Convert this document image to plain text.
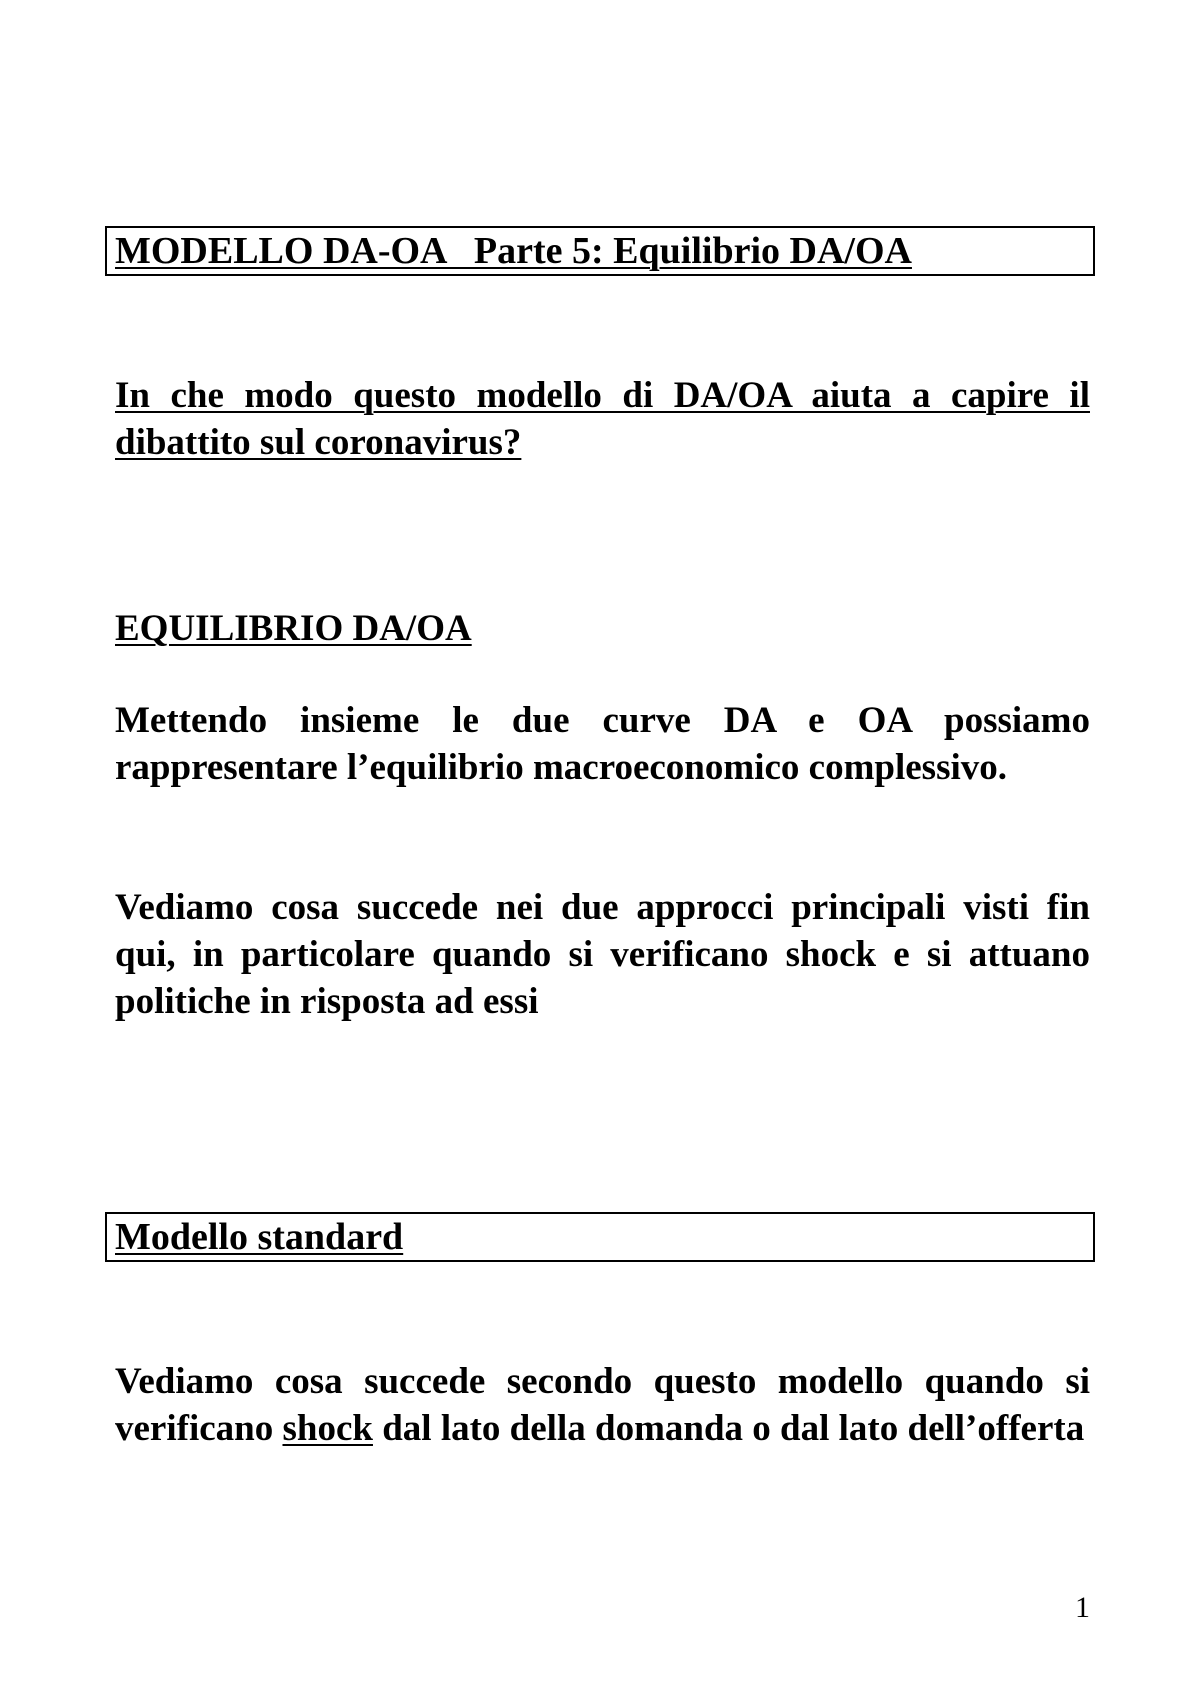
MODELLO DA-OA   Parte 5: Equilibrio DA/OA

In che modo questo modello di DA/OA aiuta a capire il dibattito sul coronavirus?

EQUILIBRIO DA/OA

Mettendo insieme le due curve DA e OA possiamo rappresentare l’equilibrio macroeconomico complessivo.

Vediamo cosa succede nei due approcci principali visti fin qui, in particolare quando si verificano shock e si attuano politiche in risposta ad essi

Modello standard

Vediamo cosa succede secondo questo modello quando si verificano shock dal lato della domanda o dal lato dell’offerta

1
